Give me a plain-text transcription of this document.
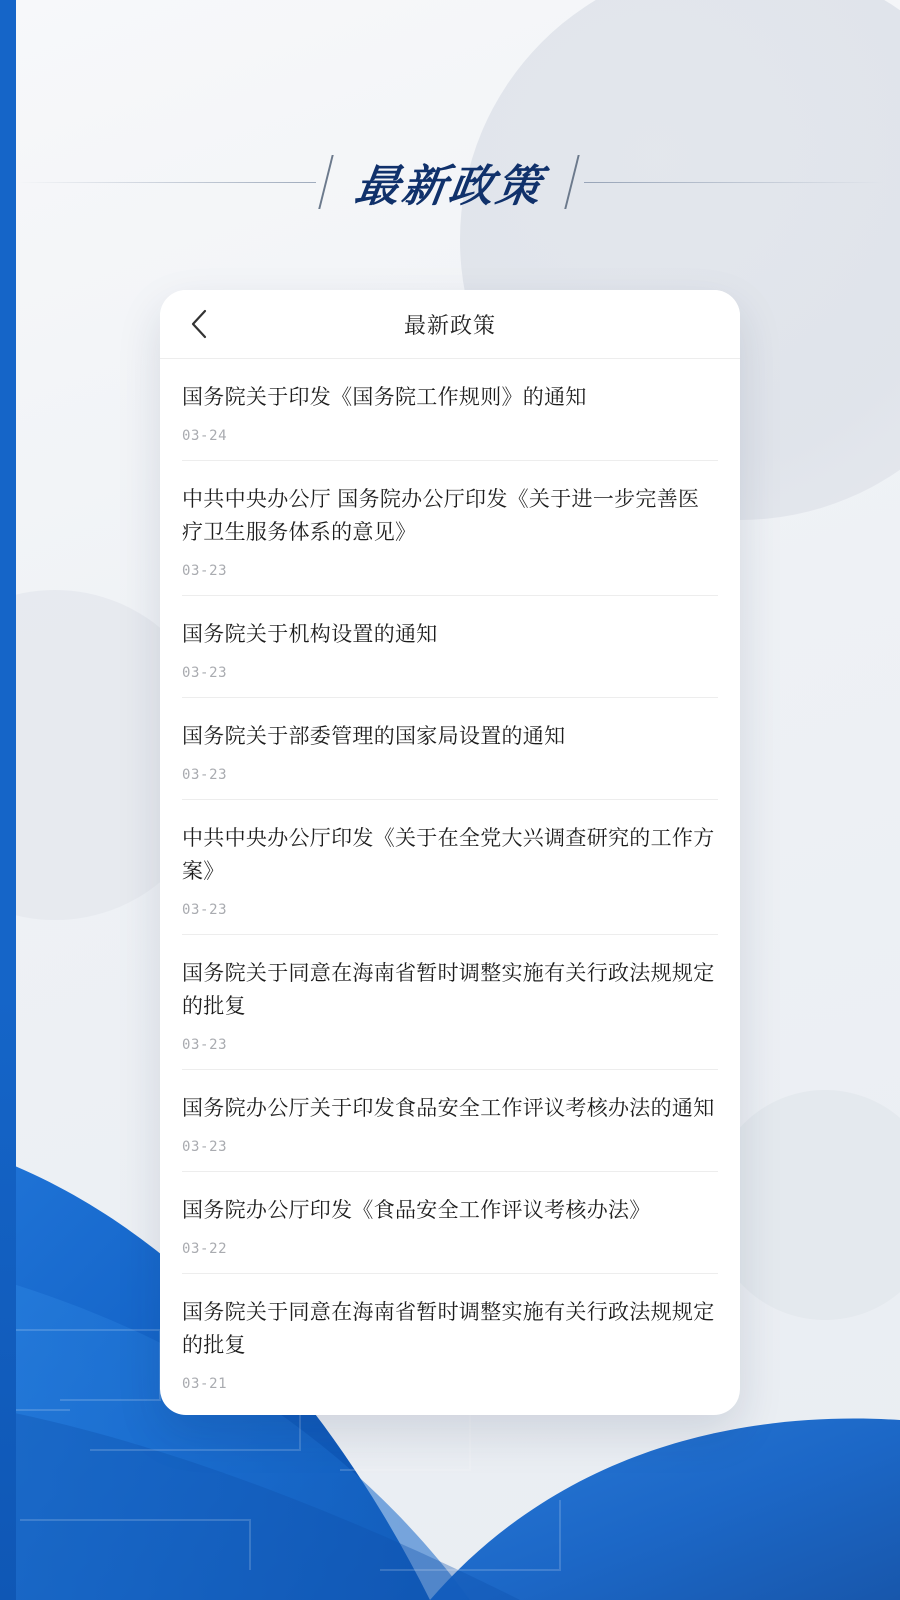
最新政策
最新政策
国务院关于印发《国务院工作规则》的通知
03-24
中共中央办公厅 国务院办公厅印发《关于进一步完善医疗卫生服务体系的意见》
03-23
国务院关于机构设置的通知
03-23
国务院关于部委管理的国家局设置的通知
03-23
中共中央办公厅印发《关于在全党大兴调查研究的工作方案》
03-23
国务院关于同意在海南省暂时调整实施有关行政法规规定的批复
03-23
国务院办公厅关于印发食品安全工作评议考核办法的通知
03-23
国务院办公厅印发《食品安全工作评议考核办法》
03-22
国务院关于同意在海南省暂时调整实施有关行政法规规定的批复
03-21
